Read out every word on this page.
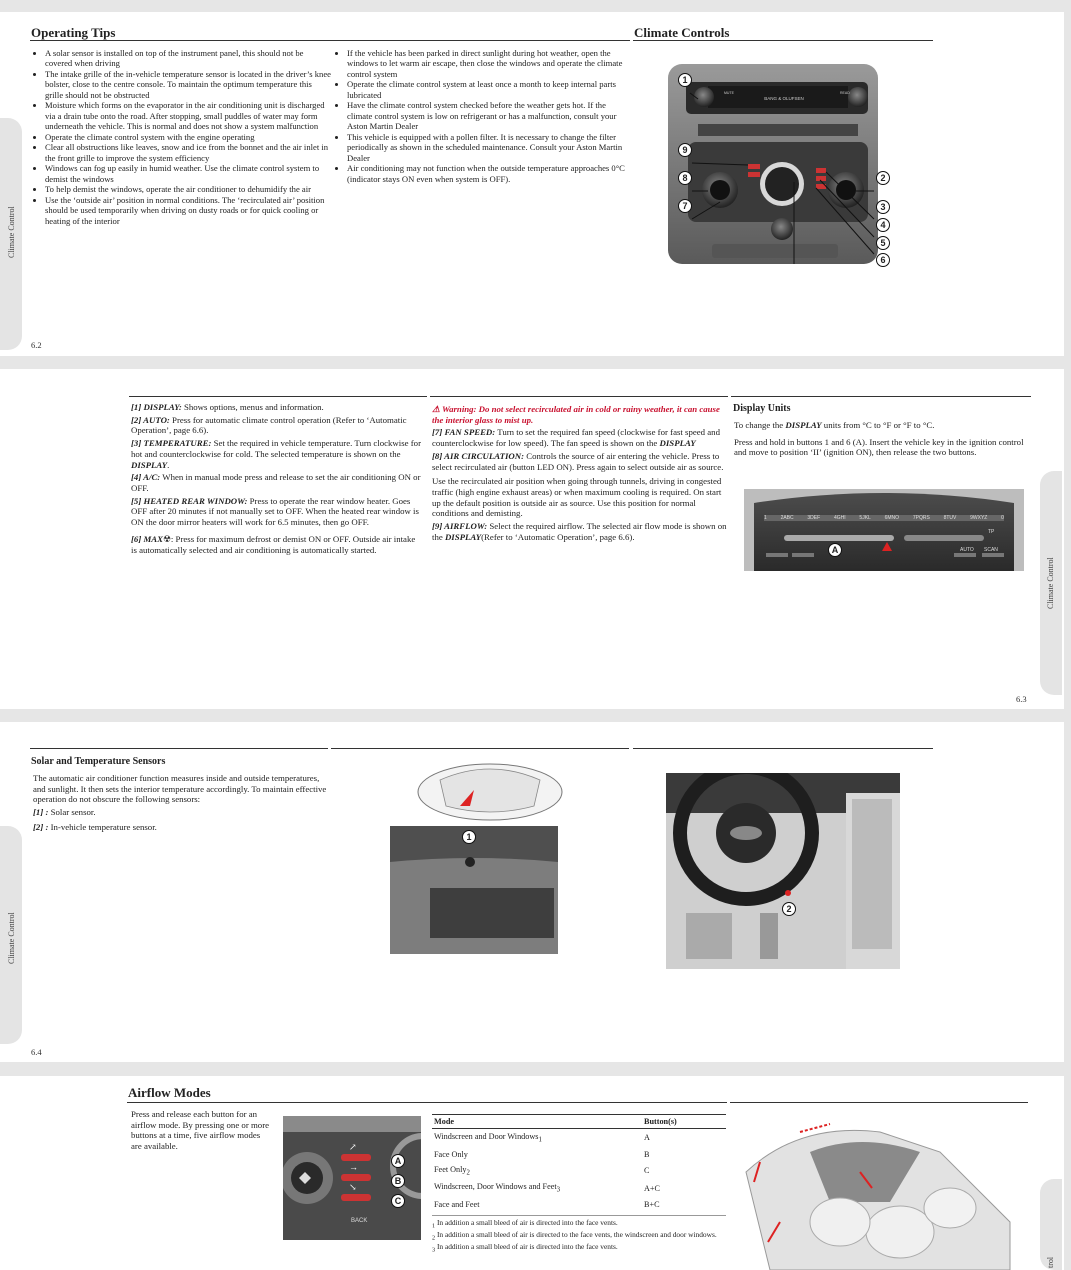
Climate Control
Operating Tips	Climate Controls
• A solar sensor is installed on top of the instrument panel, this should not be covered when driving
• The intake grille of the in-vehicle temperature sensor is located in the driver’s knee bolster, close to the centre console. To maintain the optimum temperature this grille should not be obstructed
• Moisture which forms on the evaporator in the air conditioning unit is discharged via a drain tube onto the road. After stopping, small puddles of water may form underneath the vehicle. This is normal and does not show a system malfunction
• Operate the climate control system with the engine operating
• Clear all obstructions like leaves, snow and ice from the bonnet and the air inlet in the front grille to improve the system efficiency
• Windows can fog up easily in humid weather. Use the climate control system to demist the windows
• To help demist the windows, operate the air conditioner to dehumidify the air
• Use the ‘outside air’ position in normal conditions. The ‘recirculated air’ position should be used temporarily when driving on dusty roads or for quick cooling or heating of the interior
• If the vehicle has been parked in direct sunlight during hot weather, open the windows to let warm air escape, then close the windows and operate the climate control system
• Operate the climate control system at least once a month to keep internal parts lubricated
• Have the climate control system checked before the weather gets hot. If the climate control system is low on refrigerant or has a malfunction, consult your Aston Martin Dealer
• This vehicle is equipped with a pollen filter. It is necessary to change the filter periodically as shown in the scheduled maintenance. Consult your Aston Martin Dealer
• Air conditioning may not function when the outside temperature approaches 0°C (indicator stays ON even when system is OFF).
BANG & OLUFSEN
MUTE	READ
1
9
8
7
2
3
4
5
6
6.2
Climate Control

[1] DISPLAY: Shows options, menus and information.

[2] AUTO: Press for automatic climate control operation (Refer to ‘Automatic Operation’, page 6.6).

[3] TEMPERATURE: Set the required in vehicle temperature. Turn clockwise for hot and counterclockwise for cold. The selected temperature is shown on the DISPLAY.

[4] A/C: When in manual mode press and release to set the air conditioning ON or OFF.

[5] HEATED REAR WINDOW: Press to operate the rear window heater. Goes OFF after 20 minutes if not manually set to OFF. When the heated rear window is ON the door mirror heaters will work for 6.5 minutes, then go OFF.

[6] MAX☢: Press for maximum defrost or demist ON or OFF. Outside air intake is automatically selected and air conditioning is automatically started.

⚠ Warning: Do not select recirculated air in cold or rainy weather, it can cause the interior glass to mist up.

[7] FAN SPEED: Turn to set the required fan speed (clockwise for fast speed and counterclockwise for low speed). The fan speed is shown on the DISPLAY

[8] AIR CIRCULATION: Controls the source of air entering the vehicle. Press to select recirculated air (button LED ON). Press again to select outside air as source.

Use the recirculated air position when going through tunnels, driving in congested traffic (high engine exhaust areas) or when maximum cooling is required. On start up the default position is outside air as source. Use this position for normal conditions and demisting.

[9] AIRFLOW: Select the required airflow. The selected air flow mode is shown on the DISPLAY(Refer to ‘Automatic Operation’, page 6.6).

Display Units

To change the DISPLAY units from °C to °F or °F to °C.

Press and hold in buttons 1 and 6 (A). Insert the vehicle key in the ignition control and move to position ‘II’ (ignition ON), then release the two buttons.

1	2ABC	3DEF	4GHI	5JKL	6MNO	7PQRS	8TUV	9WXYZ	0
TP
AUTO SCAN
A
6.3
Climate Control
Solar and Temperature Sensors

The automatic air conditioner function measures inside and outside temperatures, and sunlight. It then sets the interior temperature accordingly. To maintain effective operation do not obscure the following sensors:

[1] : Solar sensor.

[2] : In-vehicle temperature sensor.

1
2
6.4
trol
Airflow Modes
Press and release each button for an airflow mode. By pressing one or more buttons at a time, five airflow modes are available.	↗
→
↘
BACK
A
B
C
Mode	Button(s)
Windscreen and Door Windows$_1$	A
Face Only	B
Feet Only$_2$	C
Windscreen, Door Windows and Feet$_3$	A+C
Face and Feet	B+C
$_1$ In addition a small bleed of air is directed into the face vents.
$_2$ In addition a small bleed of air is directed to the face vents, the windscreen and door windows.
$_3$ In addition a small bleed of air is directed into the face vents.
